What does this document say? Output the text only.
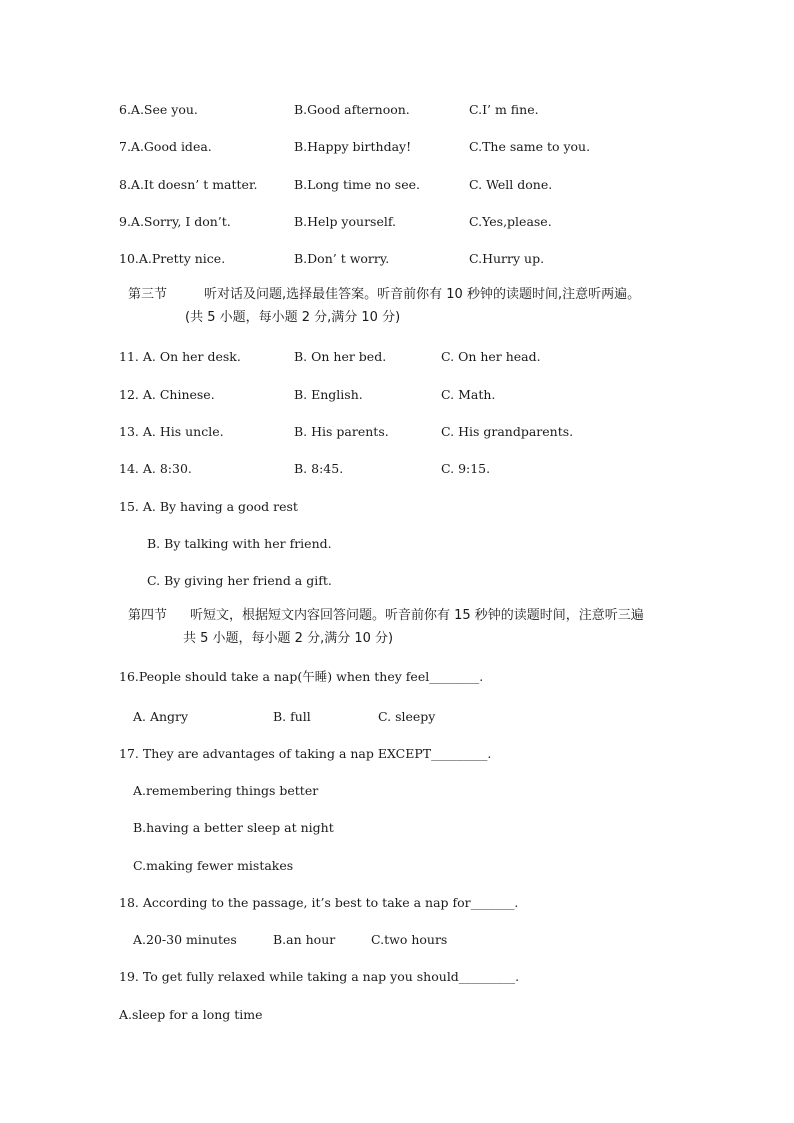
6.A.See you.	B.Good afternoon.	C.I’ m fine.
7.A.Good idea.	B.Happy birthday!	C.The same to you.
8.A.It doesn’ t matter.	B.Long time no see.	C. Well done.
9.A.Sorry, I don’t.	B.Help yourself.	C.Yes,please.
10.A.Pretty nice.	B.Don’ t worry.	C.Hurry up.
第三节	听对话及问题,选择最佳答案。听音前你有 10 秒钟的读题时间,注意听两遍。
(共 5 小题，每小题 2 分,满分 10 分)
11. A. On her desk.	B. On her bed.	C. On her head.
12. A. Chinese.	B. English.	C. Math.
13. A. His uncle.	B. His parents.	C. His grandparents.
14. A. 8:30.	B. 8:45.	C. 9:15.
15. A. By having a good rest
B. By talking with her friend.
C. By giving her friend a gift.
第四节 听短文，根据短文内容回答问题。听音前你有 15 秒钟的读题时间，注意听三遍
共 5 小题，每小题 2 分,满分 10 分)
16.People should take a nap(午睡) when they feel________.
A. Angry	B. full	C. sleepy
17. They are advantages of taking a nap EXCEPT_________.
A.remembering things better
B.having a better sleep at night
C.making fewer mistakes
18. According to the passage, it’s best to take a nap for_______.
A.20-30 minutes	B.an hour	C.two hours
19. To get fully relaxed while taking a nap you should_________.
A.sleep for a long time
